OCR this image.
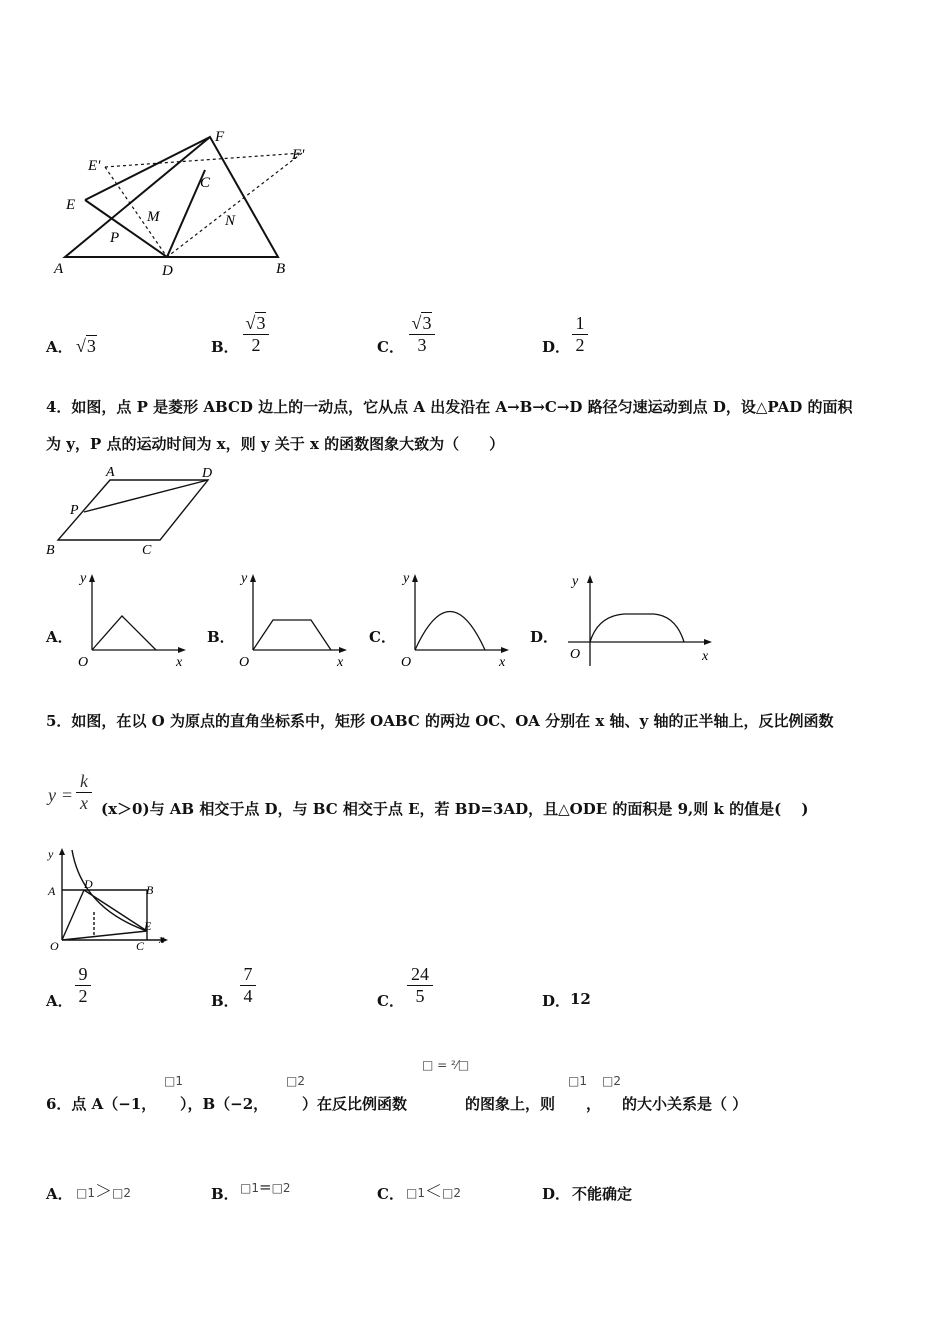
A	D	B
F
E'
F'
E
C
M	N
P
A． √3	B．
√3
2	C．
√3
3	D．
1
2
4．如图，点 P 是菱形 ABCD 边上的一动点，它从点 A 出发沿在 A→B→C→D 路径匀速运动到点 D，设△PAD 的面积
为 y，P 点的运动时间为 x，则 y 关于 x 的函数图象大致为（　　）
A	D
P
B	C
A．	B．	C．	D．
y
O	x
y
O	x
y
O	x
y
O	x
5．如图，在以 O 为原点的直角坐标系中，矩形 OABC 的两边 OC、OA 分别在 x 轴、y 轴的正半轴上，反比例函数
y =
k
x (x＞0)与 AB 相交于点 D，与 BC 相交于点 E，若 BD=3AD，且△ODE 的面积是 9,则 k 的值是(　 )
y
A D	B
E
O	C x
A．
9
2	B．
7
4	C．
24
5	D． 12
6．点 A（−1，
□1
），B（−2，
□2
）在反比例函数
□ = ²⁄□
的图象上，则
□1
，
□2
的大小关系是（ ）
A． □1＞□2	B． □1=□2	C． □1＜□2	D． 不能确定
